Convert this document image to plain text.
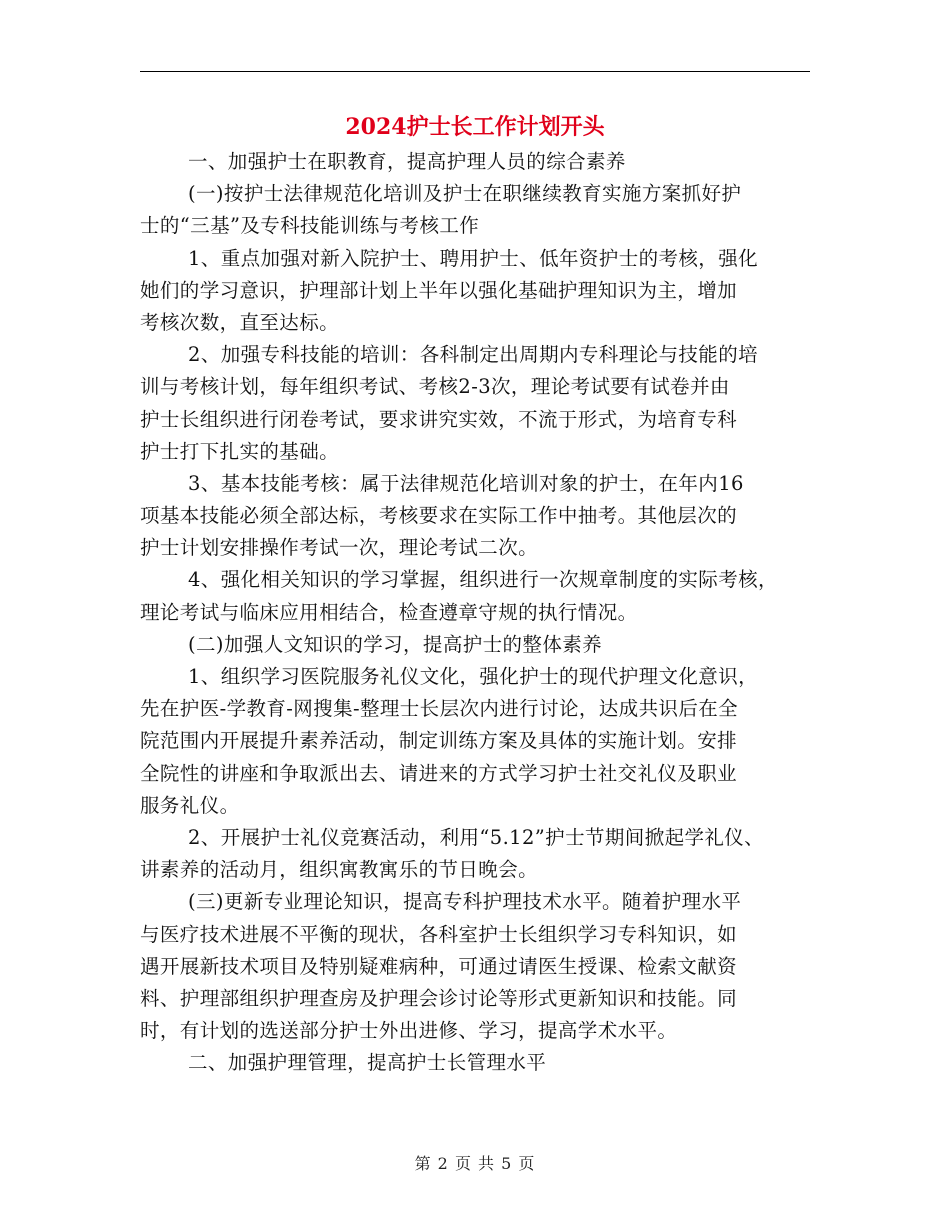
2024护士长工作计划开头
一、加强护士在职教育，提高护理人员的综合素养
(一)按护士法律规范化培训及护士在职继续教育实施方案抓好护
士的“三基”及专科技能训练与考核工作
1、重点加强对新入院护士、聘用护士、低年资护士的考核，强化
她们的学习意识，护理部计划上半年以强化基础护理知识为主，增加
考核次数，直至达标。
2、加强专科技能的培训：各科制定出周期内专科理论与技能的培
训与考核计划，每年组织考试、考核2-3次，理论考试要有试卷并由
护士长组织进行闭卷考试，要求讲究实效，不流于形式，为培育专科
护士打下扎实的基础。
3、基本技能考核：属于法律规范化培训对象的护士，在年内16
项基本技能必须全部达标，考核要求在实际工作中抽考。其他层次的
护士计划安排操作考试一次，理论考试二次。
4、强化相关知识的学习掌握，组织进行一次规章制度的实际考核，
理论考试与临床应用相结合，检查遵章守规的执行情况。
(二)加强人文知识的学习，提高护士的整体素养
1、组织学习医院服务礼仪文化，强化护士的现代护理文化意识，
先在护医-学教育-网搜集-整理士长层次内进行讨论，达成共识后在全
院范围内开展提升素养活动，制定训练方案及具体的实施计划。安排
全院性的讲座和争取派出去、请进来的方式学习护士社交礼仪及职业
服务礼仪。
2、开展护士礼仪竞赛活动，利用“5.12”护士节期间掀起学礼仪、
讲素养的活动月，组织寓教寓乐的节日晚会。
(三)更新专业理论知识，提高专科护理技术水平。随着护理水平
与医疗技术进展不平衡的现状，各科室护士长组织学习专科知识，如
遇开展新技术项目及特别疑难病种，可通过请医生授课、检索文献资
料、护理部组织护理查房及护理会诊讨论等形式更新知识和技能。同
时，有计划的选送部分护士外出进修、学习，提高学术水平。
二、加强护理管理，提高护士长管理水平
第 2 页 共 5 页
